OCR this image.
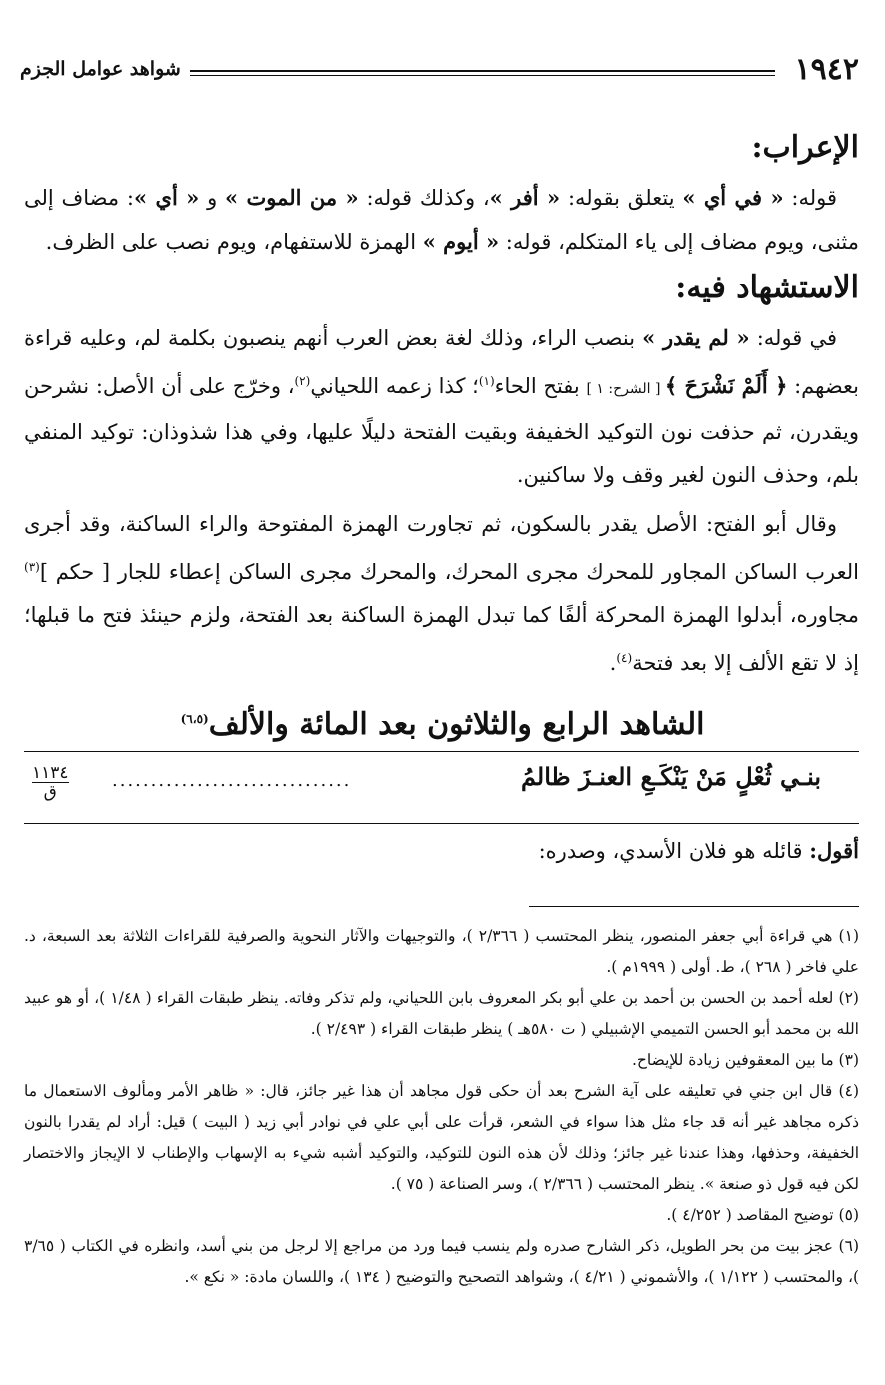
١٩٤٢
شواهد عوامل الجزم
الإعراب:

قوله: « في أي » يتعلق بقوله: « أفر »، وكذلك قوله: « من الموت » و « أي »: مضاف إلى مثنى، ويوم مضاف إلى ياء المتكلم، قوله: « أيوم » الهمزة للاستفهام، ويوم نصب على الظرف.

الاستشهاد فيه:

في قوله: « لم يقدر » بنصب الراء، وذلك لغة بعض العرب أنهم ينصبون بكلمة لم، وعليه قراءة بعضهم: ﴿ أَلَمْ نَشْرَحَ ﴾ [ الشرح: ١ ] بفتح الحاء$^{(١)}$؛ كذا زعمه اللحياني$^{(٢)}$، وخرّج على أن الأصل: نشرحن ويقدرن، ثم حذفت نون التوكيد الخفيفة وبقيت الفتحة دليلًا عليها، وفي هذا شذوذان: توكيد المنفي بلم، وحذف النون لغير وقف ولا ساكنين.

وقال أبو الفتح: الأصل يقدر بالسكون، ثم تجاورت الهمزة المفتوحة والراء الساكنة، وقد أجرى العرب الساكن المجاور للمحرك مجرى المحرك، والمحرك مجرى الساكن إعطاء للجار [ حكم ]$^{(٣)}$ مجاوره، أبدلوا الهمزة المحركة ألفًا كما تبدل الهمزة الساكنة بعد الفتحة، ولزم حينئذ فتح ما قبلها؛ إذ لا تقع الألف إلا بعد فتحة$^{(٤)}$.

الشاهد الرابع والثلاثون بعد المائة والألف$^{(٦،٥)}$
بنـي ثُعْلٍ مَنْ يَنْكَـعِ العنـزَ ظالمُ
...............................
١١٣٤
ق
أقول: قائله هو فلان الأسدي، وصدره:

(١) هي قراءة أبي جعفر المنصور، ينظر المحتسب ( ٢/٣٦٦ )، والتوجيهات والآثار النحوية والصرفية للقراءات الثلاثة بعد السبعة، د. علي فاخر ( ٢٦٨ )، ط. أولى ( ١٩٩٩م ).

(٢) لعله أحمد بن الحسن بن أحمد بن علي أبو بكر المعروف بابن اللحياني، ولم تذكر وفاته. ينظر طبقات القراء ( ١/٤٨ )، أو هو عبيد الله بن محمد أبو الحسن التميمي الإشبيلي ( ت ٥٨٠هـ ) ينظر طبقات القراء ( ٢/٤٩٣ ).

(٣) ما بين المعقوفين زيادة للإيضاح.

(٤) قال ابن جني في تعليقه على آية الشرح بعد أن حكى قول مجاهد أن هذا غير جائز، قال: « ظاهر الأمر ومألوف الاستعمال ما ذكره مجاهد غير أنه قد جاء مثل هذا سواء في الشعر، قرأت على أبي علي في نوادر أبي زيد ( البيت ) قيل: أراد لم يقدرا بالنون الخفيفة، وحذفها، وهذا عندنا غير جائز؛ وذلك لأن هذه النون للتوكيد، والتوكيد أشبه شيء به الإسهاب والإطناب لا الإيجاز والاختصار لكن فيه قول ذو صنعة ». ينظر المحتسب ( ٢/٣٦٦ )، وسر الصناعة ( ٧٥ ).

(٥) توضيح المقاصد ( ٤/٢٥٢ ).

(٦) عجز بيت من بحر الطويل، ذكر الشارح صدره ولم ينسب فيما ورد من مراجع إلا لرجل من بني أسد، وانظره في الكتاب ( ٣/٦٥ )، والمحتسب ( ١/١٢٢ )، والأشموني ( ٤/٢١ )، وشواهد التصحيح والتوضيح ( ١٣٤ )، واللسان مادة: « نكع ».
